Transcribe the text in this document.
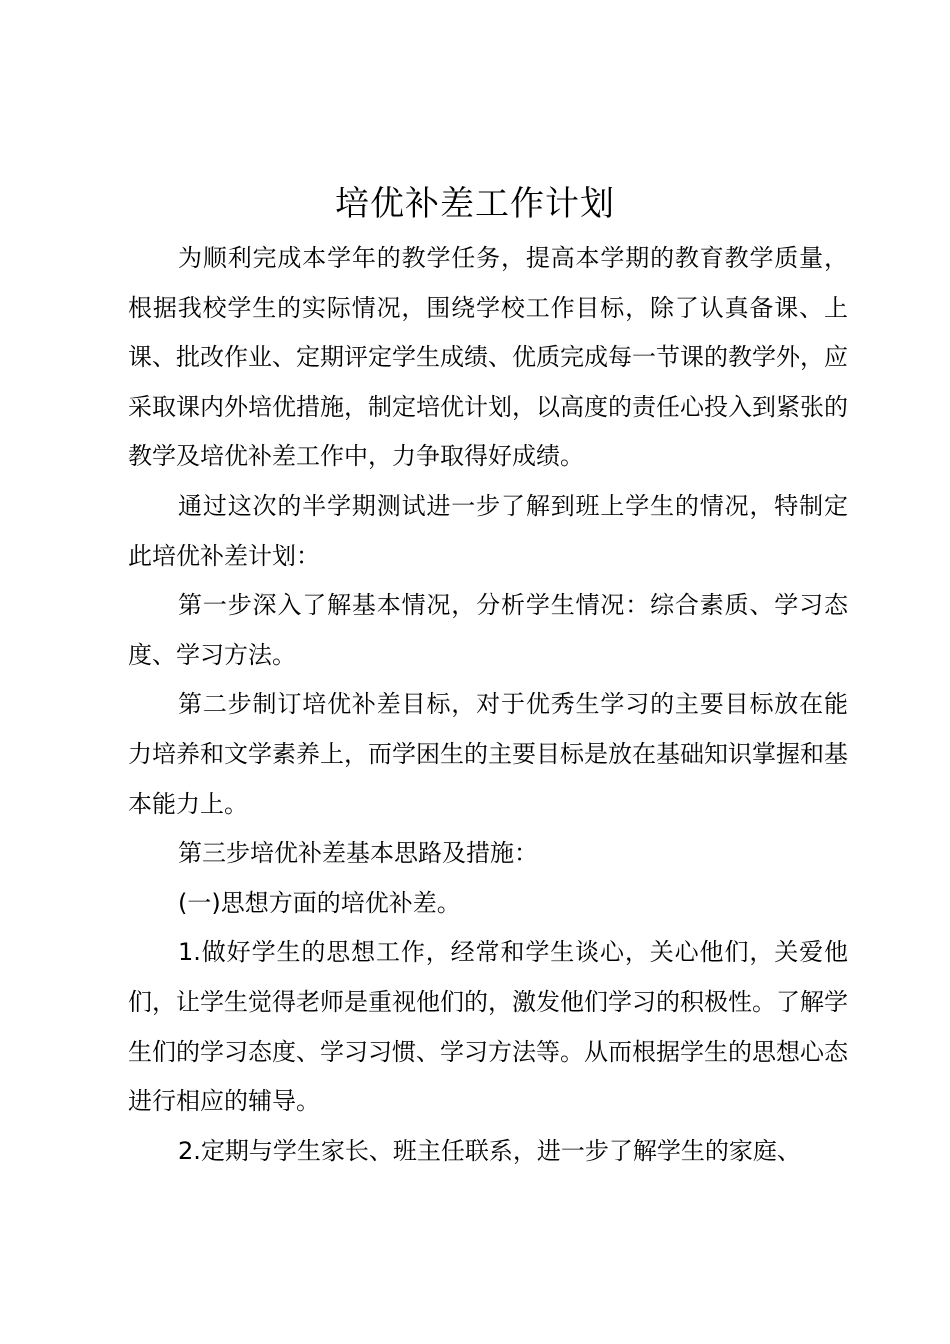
培优补差工作计划

为顺利完成本学年的教学任务，提高本学期的教育教学质量，根据我校学生的实际情况，围绕学校工作目标，除了认真备课、上课、批改作业、定期评定学生成绩、优质完成每一节课的教学外，应采取课内外培优措施，制定培优计划，以高度的责任心投入到紧张的教学及培优补差工作中，力争取得好成绩。

通过这次的半学期测试进一步了解到班上学生的情况，特制定此培优补差计划：

第一步深入了解基本情况，分析学生情况：综合素质、学习态度、学习方法。

第二步制订培优补差目标，对于优秀生学习的主要目标放在能力培养和文学素养上，而学困生的主要目标是放在基础知识掌握和基本能力上。

第三步培优补差基本思路及措施：

(一)思想方面的培优补差。

1.做好学生的思想工作，经常和学生谈心，关心他们，关爱他们，让学生觉得老师是重视他们的，激发他们学习的积极性。了解学生们的学习态度、学习习惯、学习方法等。从而根据学生的思想心态进行相应的辅导。

2.定期与学生家长、班主任联系，进一步了解学生的家庭、
